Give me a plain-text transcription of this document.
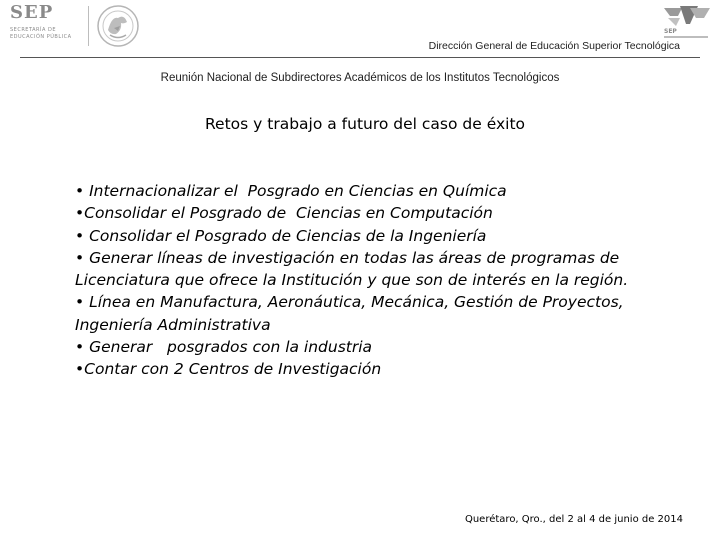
SEP
SECRETARÍA DE
EDUCACIÓN PÚBLICA
SEP
Dirección General de Educación Superior Tecnológica
Reunión Nacional de Subdirectores Académicos de los Institutos Tecnológicos
Retos y trabajo a futuro del caso de éxito
• Internacionalizar el  Posgrado en Ciencias en Química
•Consolidar el Posgrado de  Ciencias en Computación
• Consolidar el Posgrado de Ciencias de la Ingeniería
• Generar líneas de investigación en todas las áreas de programas de Licenciatura que ofrece la Institución y que son de interés en la región.
• Línea en Manufactura, Aeronáutica, Mecánica, Gestión de Proyectos, Ingeniería Administrativa
• Generar   posgrados con la industria
•Contar con 2 Centros de Investigación
Querétaro, Qro., del 2 al 4 de junio de 2014
